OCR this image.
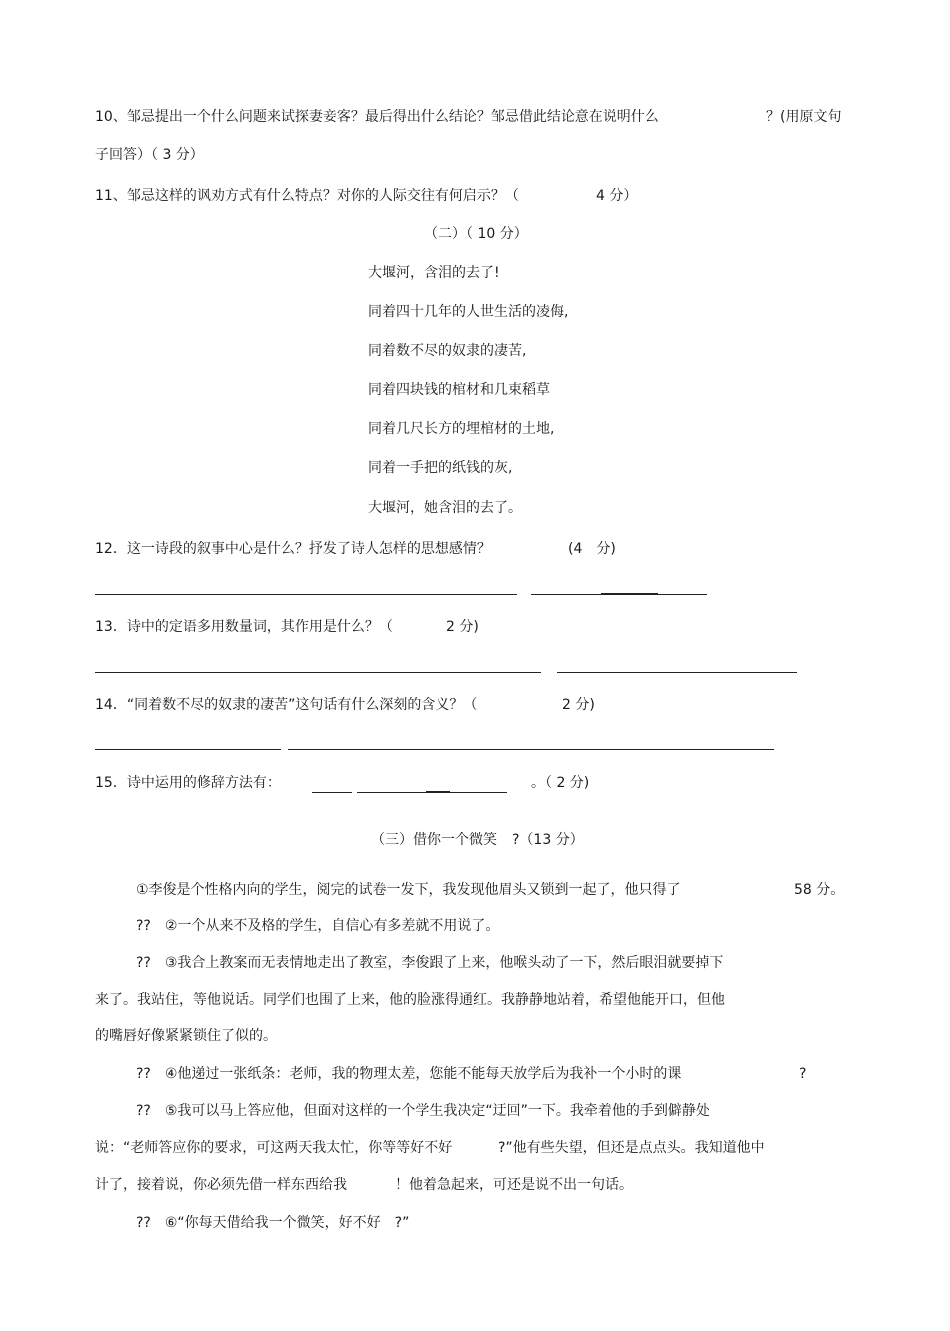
10、邹忌提出一个什么问题来试探妻妾客？最后得出什么结论？邹忌借此结论意在说明什么	？(用原文句
子回答）（ 3 分）
11、邹忌这样的讽劝方式有什么特点？对你的人际交往有何启示？（	4 分）
（二）（ 10 分）
大堰河，含泪的去了!
同着四十几年的人世生活的凌侮,
同着数不尽的奴隶的凄苦,
同着四块钱的棺材和几束稻草
同着几尺长方的埋棺材的土地,
同着一手把的纸钱的灰,
大堰河，她含泪的去了。
12．这一诗段的叙事中心是什么？抒发了诗人怎样的思想感情？	(4　分)
13．诗中的定语多用数量词，其作用是什么？（	2 分)
14．“同着数不尽的奴隶的凄苦”这句话有什么深刻的含义？（	2 分)
15．诗中运用的修辞方法有：	。（ 2 分)
（三）借你一个微笑 ?（13 分）
①李俊是个性格内向的学生，阅完的试卷一发下，我发现他眉头又锁到一起了，他只得了	58 分。
??　②一个从来不及格的学生，自信心有多差就不用说了。
??　③我合上教案而无表情地走出了教室，李俊跟了上来，他喉头动了一下，然后眼泪就要掉下
来了。我站住，等他说话。同学们也围了上来，他的脸涨得通红。我静静地站着，希望他能开口，但他
的嘴唇好像紧紧锁住了似的。
??　④他递过一张纸条：老师，我的物理太差，您能不能每天放学后为我补一个小时的课	?
??　⑤我可以马上答应他，但面对这样的一个学生我决定“迂回”一下。我牵着他的手到僻静处
说：“老师答应你的要求，可这两天我太忙，你等等好不好	?”他有些失望，但还是点点头。我知道他中
计了，接着说，你必须先借一样东西给我	！他着急起来，可还是说不出一句话。
??　⑥“你每天借给我一个微笑，好不好　?”
